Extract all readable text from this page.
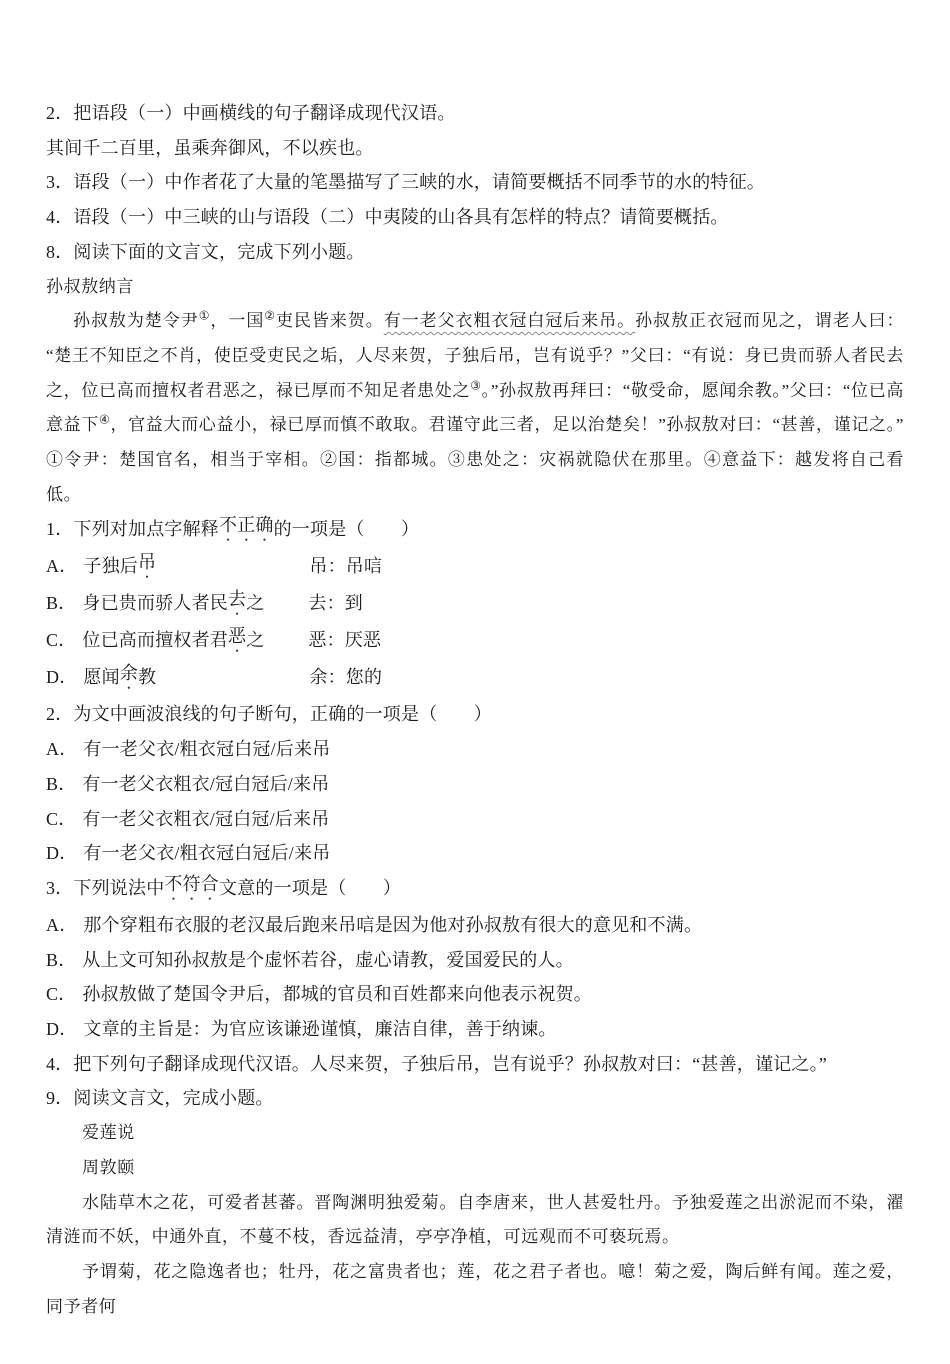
2．把语段（一）中画横线的句子翻译成现代汉语。

其间千二百里，虽乘奔御风，不以疾也。

3．语段（一）中作者花了大量的笔墨描写了三峡的水，请简要概括不同季节的水的特征。

4．语段（一）中三峡的山与语段（二）中夷陵的山各具有怎样的特点？请简要概括。

8．阅读下面的文言文，完成下列小题。

孙叔敖纳言

孙叔敖为楚令尹①，一国②吏民皆来贺。有一老父衣粗衣冠白冠后来吊。孙叔敖正衣冠而见之，谓老人曰：“楚王不知臣之不肖，使臣受吏民之垢，人尽来贺，子独后吊，岂有说乎？”父曰：“有说：身已贵而骄人者民去之，位已高而擅权者君恶之，禄已厚而不知足者患处之③。”孙叔敖再拜曰：“敬受命，愿闻余教。”父曰：“位已高意益下④，官益大而心益小，禄已厚而慎不敢取。君谨守此三者，足以治楚矣！”孙叔敖对曰：“甚善，谨记之。”①令尹：楚国官名，相当于宰相。②国：指都城。③患处之：灾祸就隐伏在那里。④意益下：越发将自己看低。

1．下列对加点字解释不正确的一项是（　　）

A． 子独后吊	吊：吊唁

B． 身已贵而骄人者民去之 去：到

C． 位已高而擅权者君恶之 恶：厌恶

D． 愿闻余教	余：您的

2．为文中画波浪线的句子断句，正确的一项是（　　）

A． 有一老父衣/粗衣冠白冠/后来吊

B． 有一老父衣粗衣/冠白冠后/来吊

C． 有一老父衣粗衣/冠白冠/后来吊

D． 有一老父衣/粗衣冠白冠后/来吊

3．下列说法中不符合文意的一项是（　　）

A． 那个穿粗布衣服的老汉最后跑来吊唁是因为他对孙叔敖有很大的意见和不满。

B． 从上文可知孙叔敖是个虚怀若谷，虚心请教，爱国爱民的人。

C． 孙叔敖做了楚国令尹后，都城的官员和百姓都来向他表示祝贺。

D． 文章的主旨是：为官应该谦逊谨慎，廉洁自律，善于纳谏。

4．把下列句子翻译成现代汉语。人尽来贺，子独后吊，岂有说乎？孙叔敖对曰：“甚善，谨记之。”

9．阅读文言文，完成小题。

爱莲说

周敦颐

水陆草木之花，可爱者甚蕃。晋陶渊明独爱菊。自李唐来，世人甚爱牡丹。予独爱莲之出淤泥而不染，濯清涟而不妖，中通外直，不蔓不枝，香远益清，亭亭净植，可远观而不可亵玩焉。

予谓菊，花之隐逸者也；牡丹，花之富贵者也；莲，花之君子者也。噫！菊之爱，陶后鲜有闻。莲之爱，同予者何
